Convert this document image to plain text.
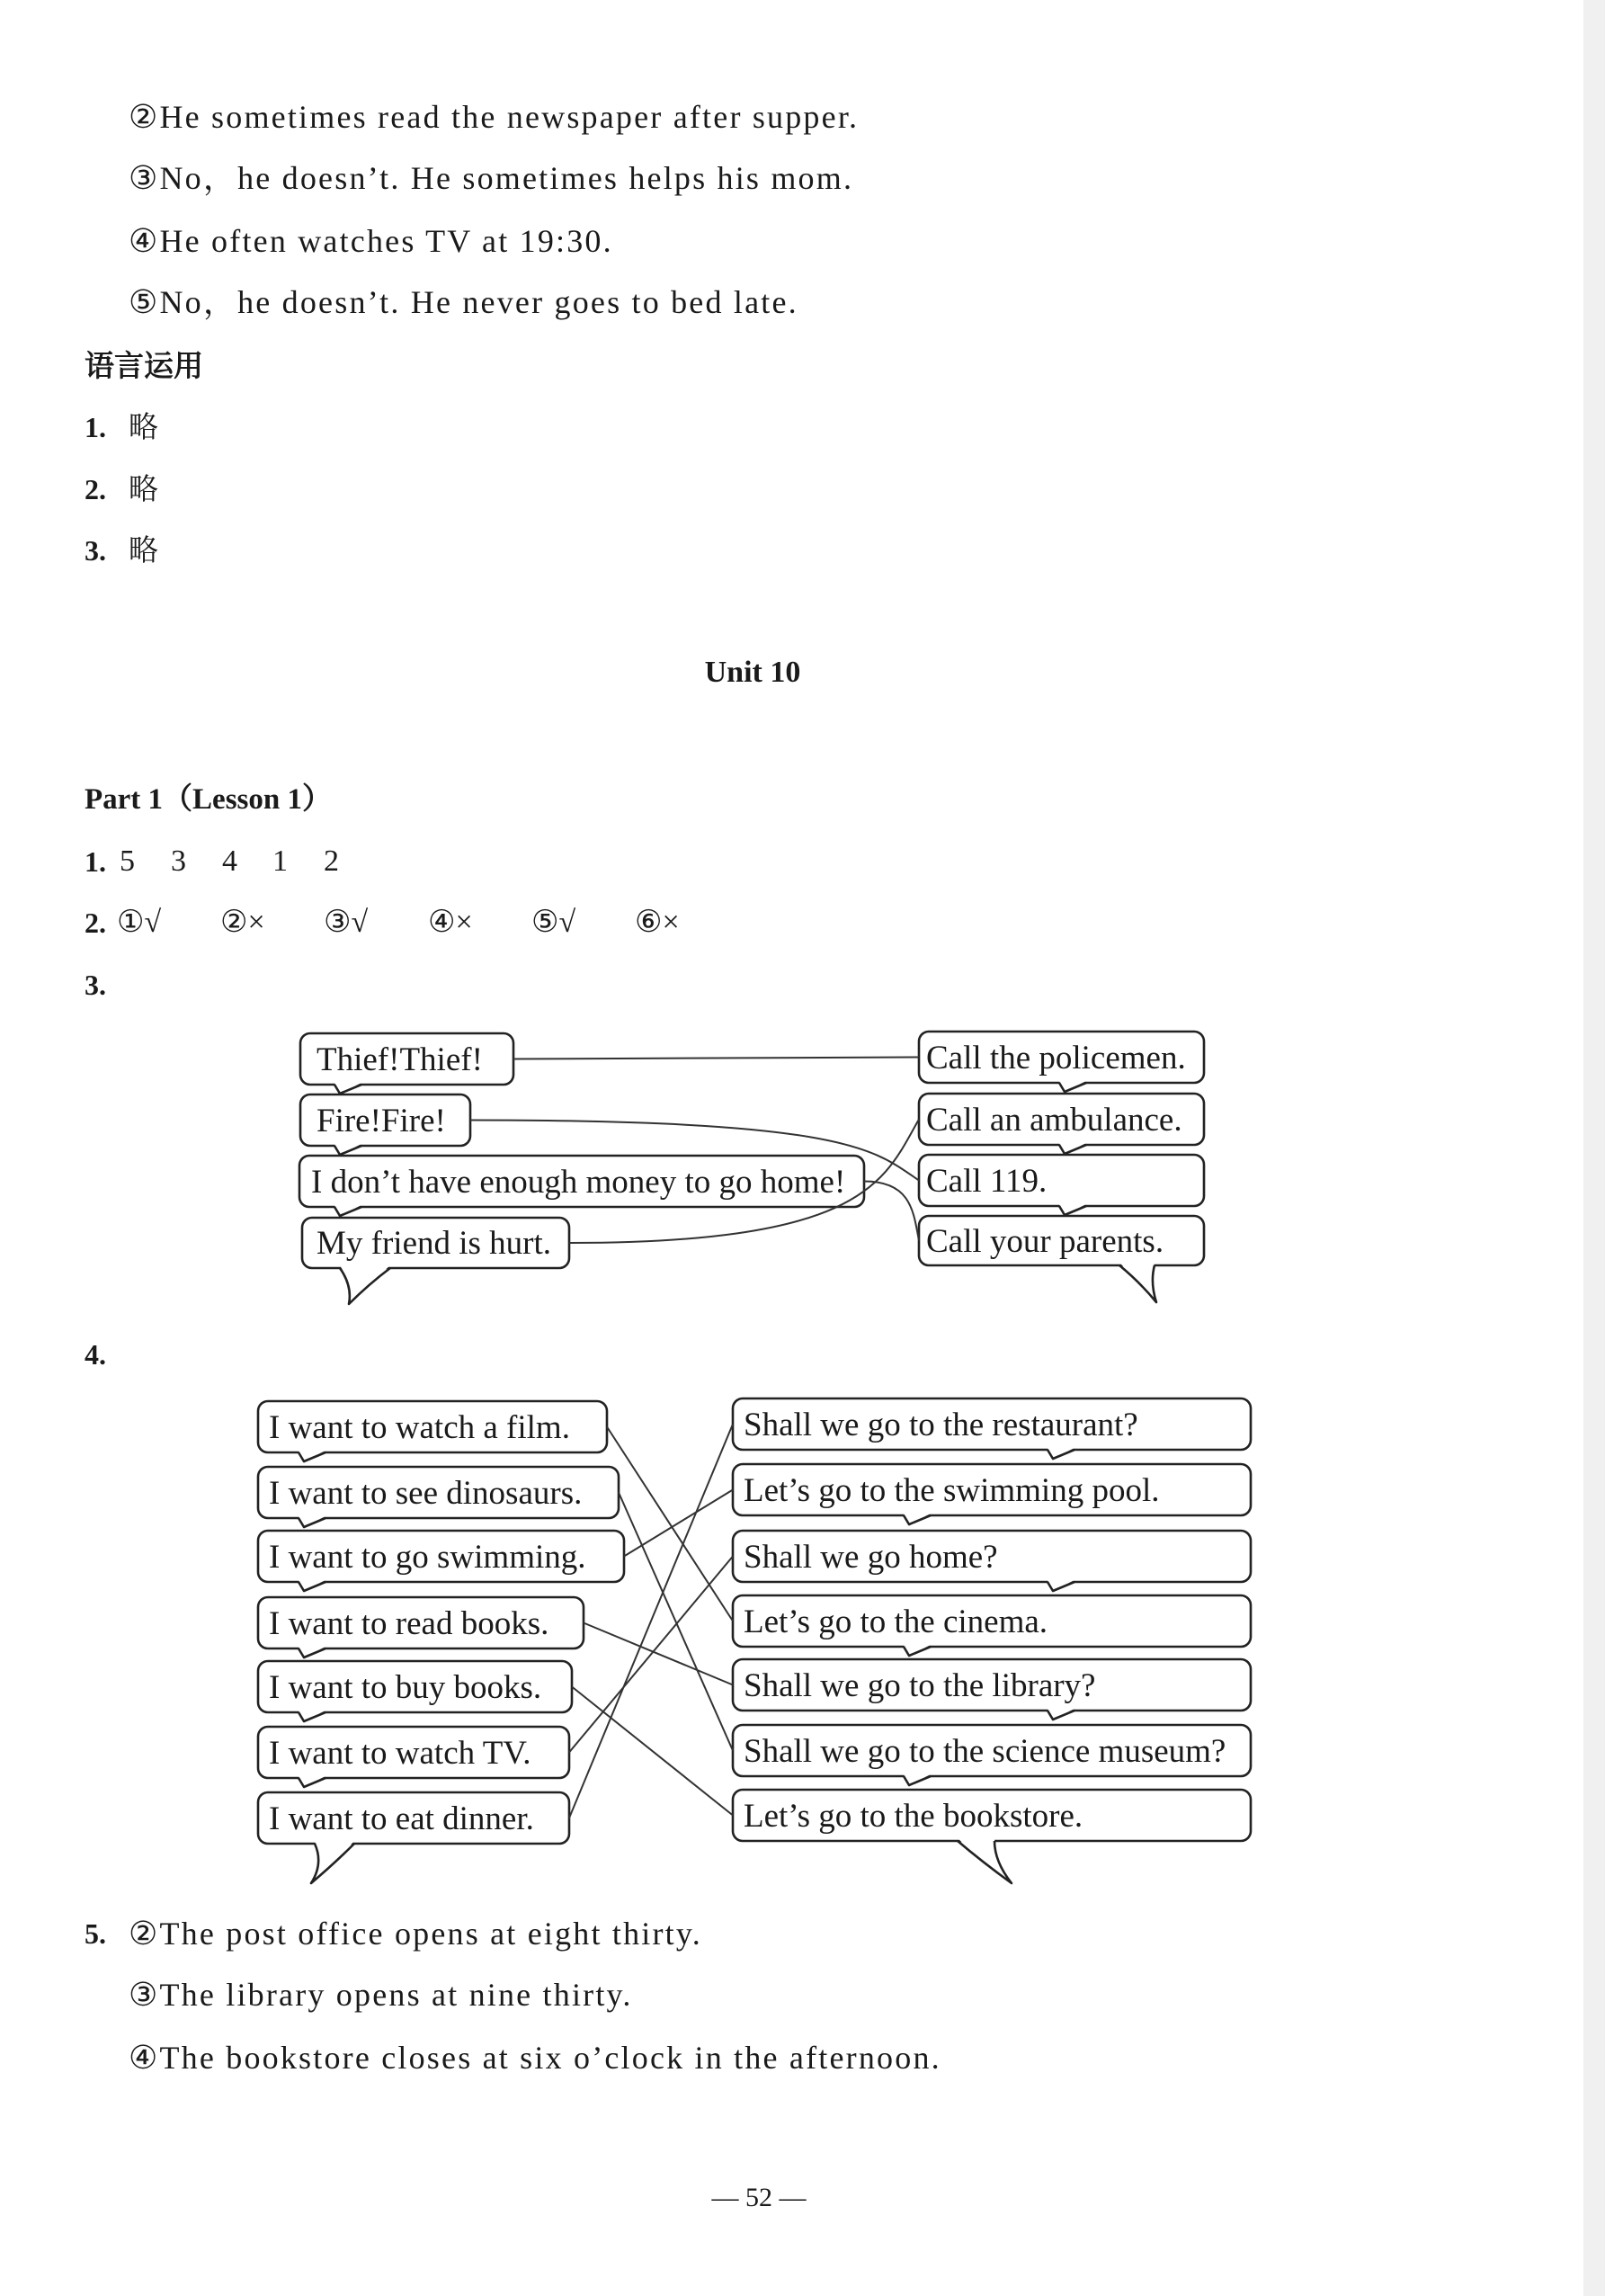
②He sometimes read the newspaper after supper.
③No，he doesn’t. He sometimes helps his mom.
④He often watches TV at 19:30.
⑤No，he doesn’t. He never goes to bed late.
语言运用
1. 略
2. 略
3. 略
Unit 10
Part 1（Lesson 1）
1. 5 3 4 1 2
2. ①√ ②× ③√ ④× ⑤√ ⑥×
3.
4.
Thief!Thief!
Fire!Fire!
I don’t have enough money to go home!
My friend is hurt.
Call the policemen.
Call an ambulance.
Call 119.
Call your parents.
I want to watch a film.
I want to see dinosaurs.
I want to go swimming.
I want to read books.
I want to buy books.
I want to watch TV.
I want to eat dinner.
Shall we go to the restaurant?
Let’s go to the swimming pool.
Shall we go home?
Let’s go to the cinema.
Shall we go to the library?
Shall we go to the science museum?
Let’s go to the bookstore.
5. ②The post office opens at eight thirty.
③The library opens at nine thirty.
④The bookstore closes at six o’clock in the afternoon.
— 52 —
